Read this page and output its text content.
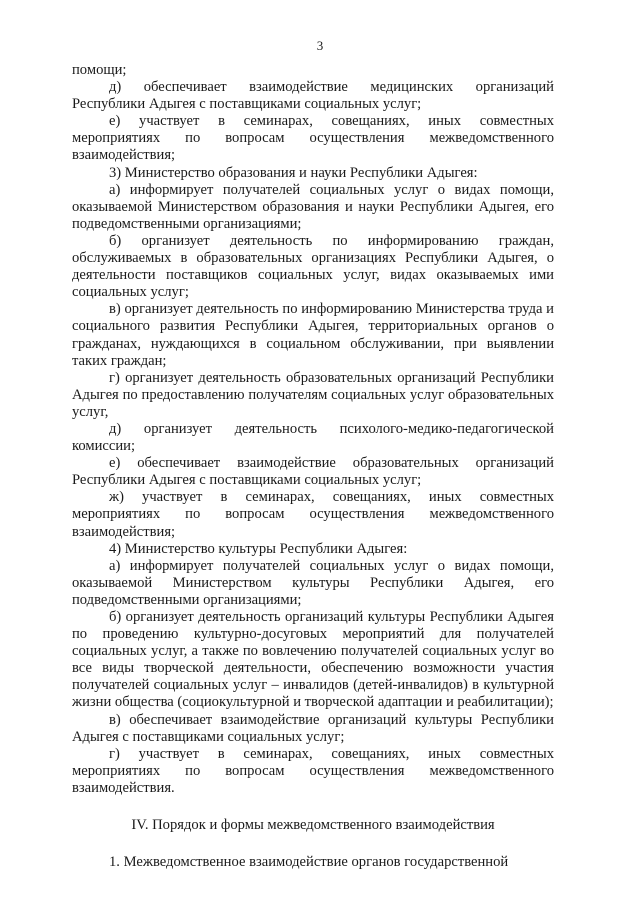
3

помощи;

д) обеспечивает взаимодействие медицинских организаций Республики Адыгея с поставщиками социальных услуг;

е) участвует в семинарах, совещаниях, иных совместных мероприятиях по вопросам осуществления межведомственного взаимодействия;

3) Министерство образования и науки Республики Адыгея:

а) информирует получателей социальных услуг о видах помощи, оказываемой Министерством образования и науки Республики Адыгея, его подведомственными организациями;

б) организует деятельность по информированию граждан, обслуживаемых в образовательных организациях Республики Адыгея, о деятельности поставщиков социальных услуг, видах оказываемых ими социальных услуг;

в) организует деятельность по информированию Министерства труда и социального развития Республики Адыгея, территориальных органов о гражданах, нуждающихся в социальном обслуживании, при выявлении таких граждан;

г) организует деятельность образовательных организаций Республики Адыгея по предоставлению получателям социальных услуг образовательных услуг,

д) организует деятельность психолого-медико-педагогической комиссии;

е) обеспечивает взаимодействие образовательных организаций Республики Адыгея с поставщиками социальных услуг;

ж) участвует в семинарах, совещаниях, иных совместных мероприятиях по вопросам осуществления межведомственного взаимодействия;

4) Министерство культуры Республики Адыгея:

а) информирует получателей социальных услуг о видах помощи, оказываемой Министерством культуры Республики Адыгея, его подведомственными организациями;

б) организует деятельность организаций культуры Республики Адыгея по проведению культурно-досуговых мероприятий для получателей социальных услуг, а также по вовлечению получателей социальных услуг во все виды творческой деятельности, обеспечению возможности участия получателей социальных услуг – инвалидов (детей-инвалидов) в культурной жизни общества (социокультурной и творческой адаптации и реабилитации);

в) обеспечивает взаимодействие организаций культуры Республики Адыгея с поставщиками социальных услуг;

г) участвует в семинарах, совещаниях, иных совместных мероприятиях по вопросам осуществления межведомственного взаимодействия.

IV. Порядок и формы межведомственного взаимодействия

1. Межведомственное взаимодействие органов государственной
